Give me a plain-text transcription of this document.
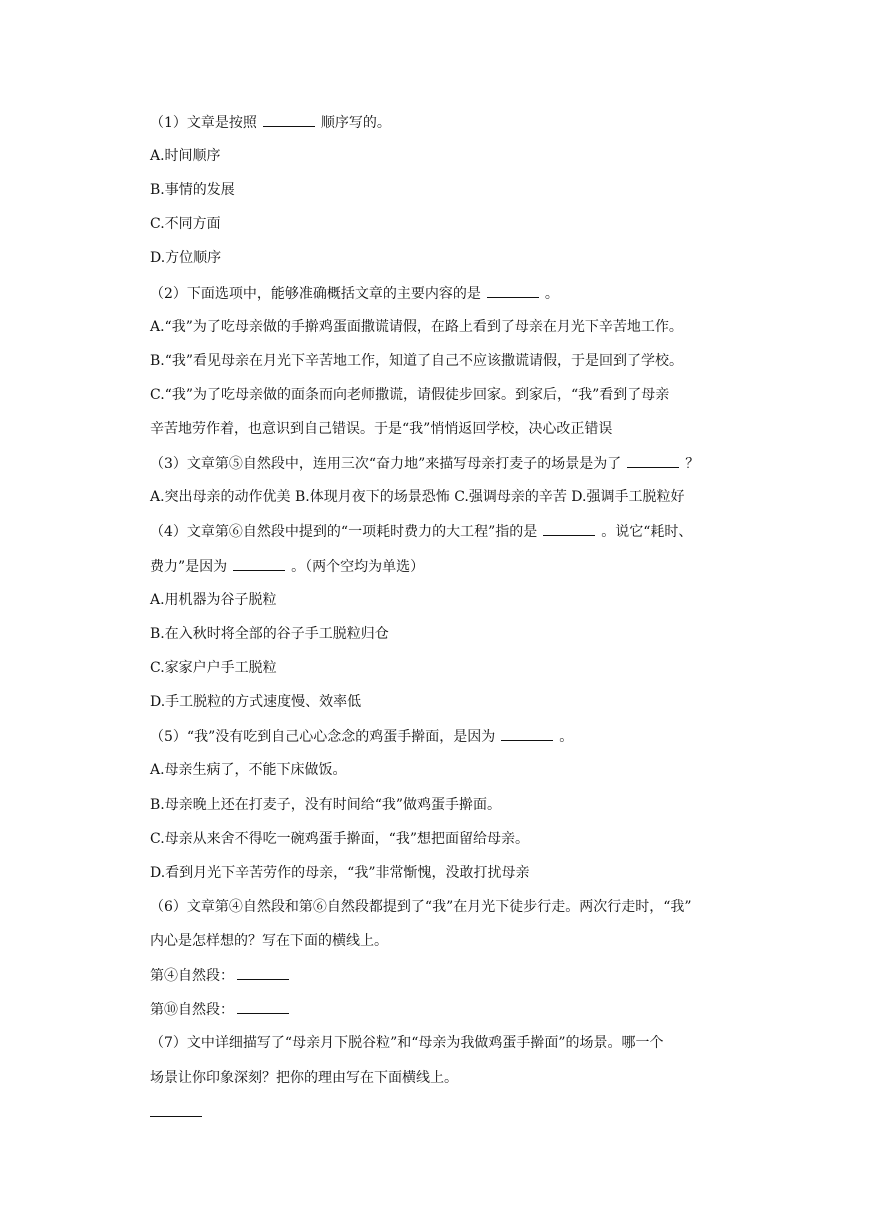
（1）文章是按照	顺序写的。
A.时间顺序
B.事情的发展
C.不同方面
D.方位顺序
（2）下面选项中，能够准确概括文章的主要内容的是	。
A.“我”为了吃母亲做的手擀鸡蛋面撒谎请假，在路上看到了母亲在月光下辛苦地工作。
B.“我”看见母亲在月光下辛苦地工作，知道了自己不应该撒谎请假，于是回到了学校。
C.“我”为了吃母亲做的面条而向老师撒谎，请假徒步回家。到家后，“我”看到了母亲
辛苦地劳作着，也意识到自己错误。于是“我”悄悄返回学校，决心改正错误
（3）文章第⑤自然段中，连用三次“奋力地”来描写母亲打麦子的场景是为了	？
A.突出母亲的动作优美 B.体现月夜下的场景恐怖 C.强调母亲的辛苦 D.强调手工脱粒好
（4）文章第⑥自然段中提到的“一项耗时费力的大工程”指的是	。说它“耗时、
费力”是因为	。（两个空均为单选）
A.用机器为谷子脱粒
B.在入秋时将全部的谷子手工脱粒归仓
C.家家户户手工脱粒
D.手工脱粒的方式速度慢、效率低
（5）“我”没有吃到自己心心念念的鸡蛋手擀面，是因为	。
A.母亲生病了，不能下床做饭。
B.母亲晚上还在打麦子，没有时间给“我”做鸡蛋手擀面。
C.母亲从来舍不得吃一碗鸡蛋手擀面，“我”想把面留给母亲。
D.看到月光下辛苦劳作的母亲，“我”非常惭愧，没敢打扰母亲
（6）文章第④自然段和第⑥自然段都提到了“我”在月光下徒步行走。两次行走时，“我”
内心是怎样想的？写在下面的横线上。
第④自然段：
第⑩自然段：
（7）文中详细描写了“母亲月下脱谷粒”和“母亲为我做鸡蛋手擀面”的场景。哪一个
场景让你印象深刻？把你的理由写在下面横线上。
